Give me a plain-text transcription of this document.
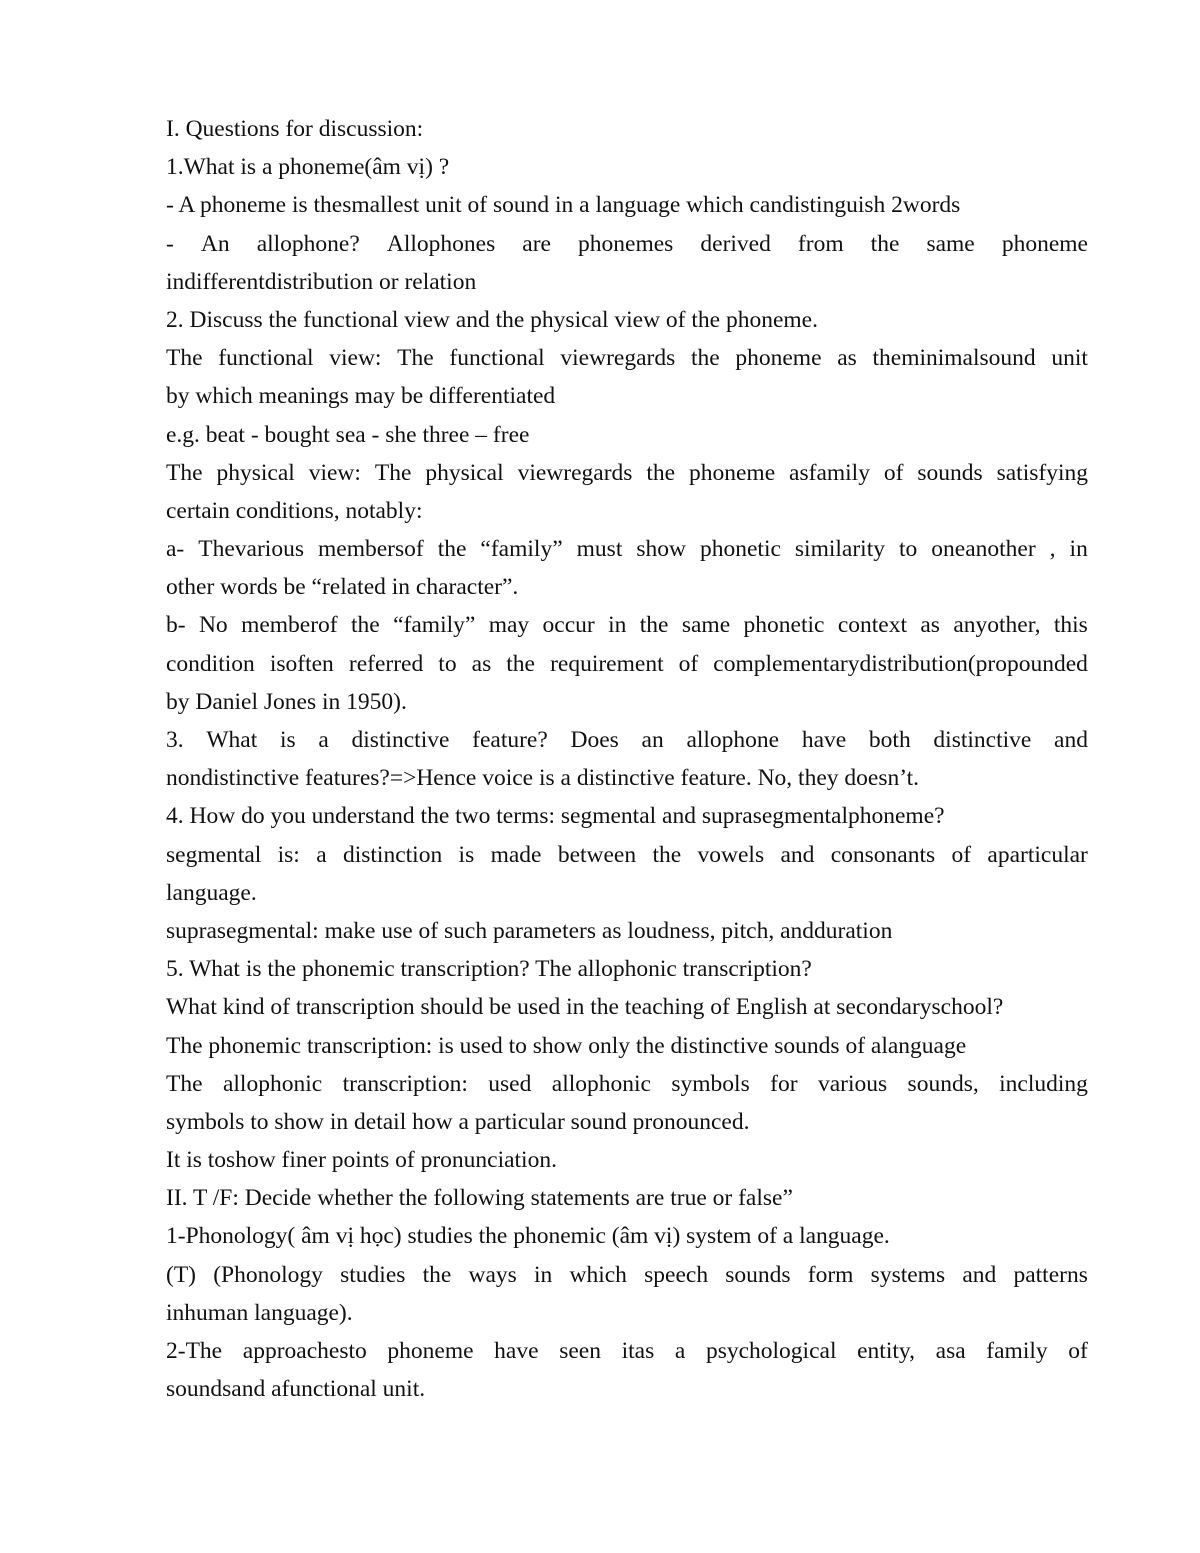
I. Questions for discussion:
1.What is a phoneme(âm vị) ?
- A phoneme is thesmallest unit of sound in a language which candistinguish 2words
- An allophone? Allophones are phonemes derived from the same phoneme
indifferentdistribution or relation
2. Discuss the functional view and the physical view of the phoneme.
The functional view: The functional viewregards the phoneme as theminimalsound unit
by which meanings may be differentiated
e.g. beat - bought sea - she three – free
The physical view: The physical viewregards the phoneme asfamily of sounds satisfying
certain conditions, notably:
a- Thevarious membersof the “family” must show phonetic similarity to oneanother , in
other words be “related in character”.
b- No memberof the “family” may occur in the same phonetic context as anyother, this
condition isoften referred to as the requirement of complementarydistribution(propounded
by Daniel Jones in 1950).
3. What is a distinctive feature? Does an allophone have both distinctive and
nondistinctive features?=>Hence voice is a distinctive feature. No, they doesn’t.
4. How do you understand the two terms: segmental and suprasegmentalphoneme?
segmental is: a distinction is made between the vowels and consonants of aparticular
language.
suprasegmental: make use of such parameters as loudness, pitch, andduration
5. What is the phonemic transcription? The allophonic transcription?
What kind of transcription should be used in the teaching of English at secondaryschool?
The phonemic transcription: is used to show only the distinctive sounds of alanguage
The allophonic transcription: used allophonic symbols for various sounds, including
symbols to show in detail how a particular sound pronounced.
It is toshow finer points of pronunciation.
II. T /F: Decide whether the following statements are true or false”
1-Phonology( âm vị học) studies the phonemic (âm vị) system of a language.
(T) (Phonology studies the ways in which speech sounds form systems and patterns
inhuman language).
2-The approachesto phoneme have seen itas a psychological entity, asa family of
soundsand afunctional unit.
